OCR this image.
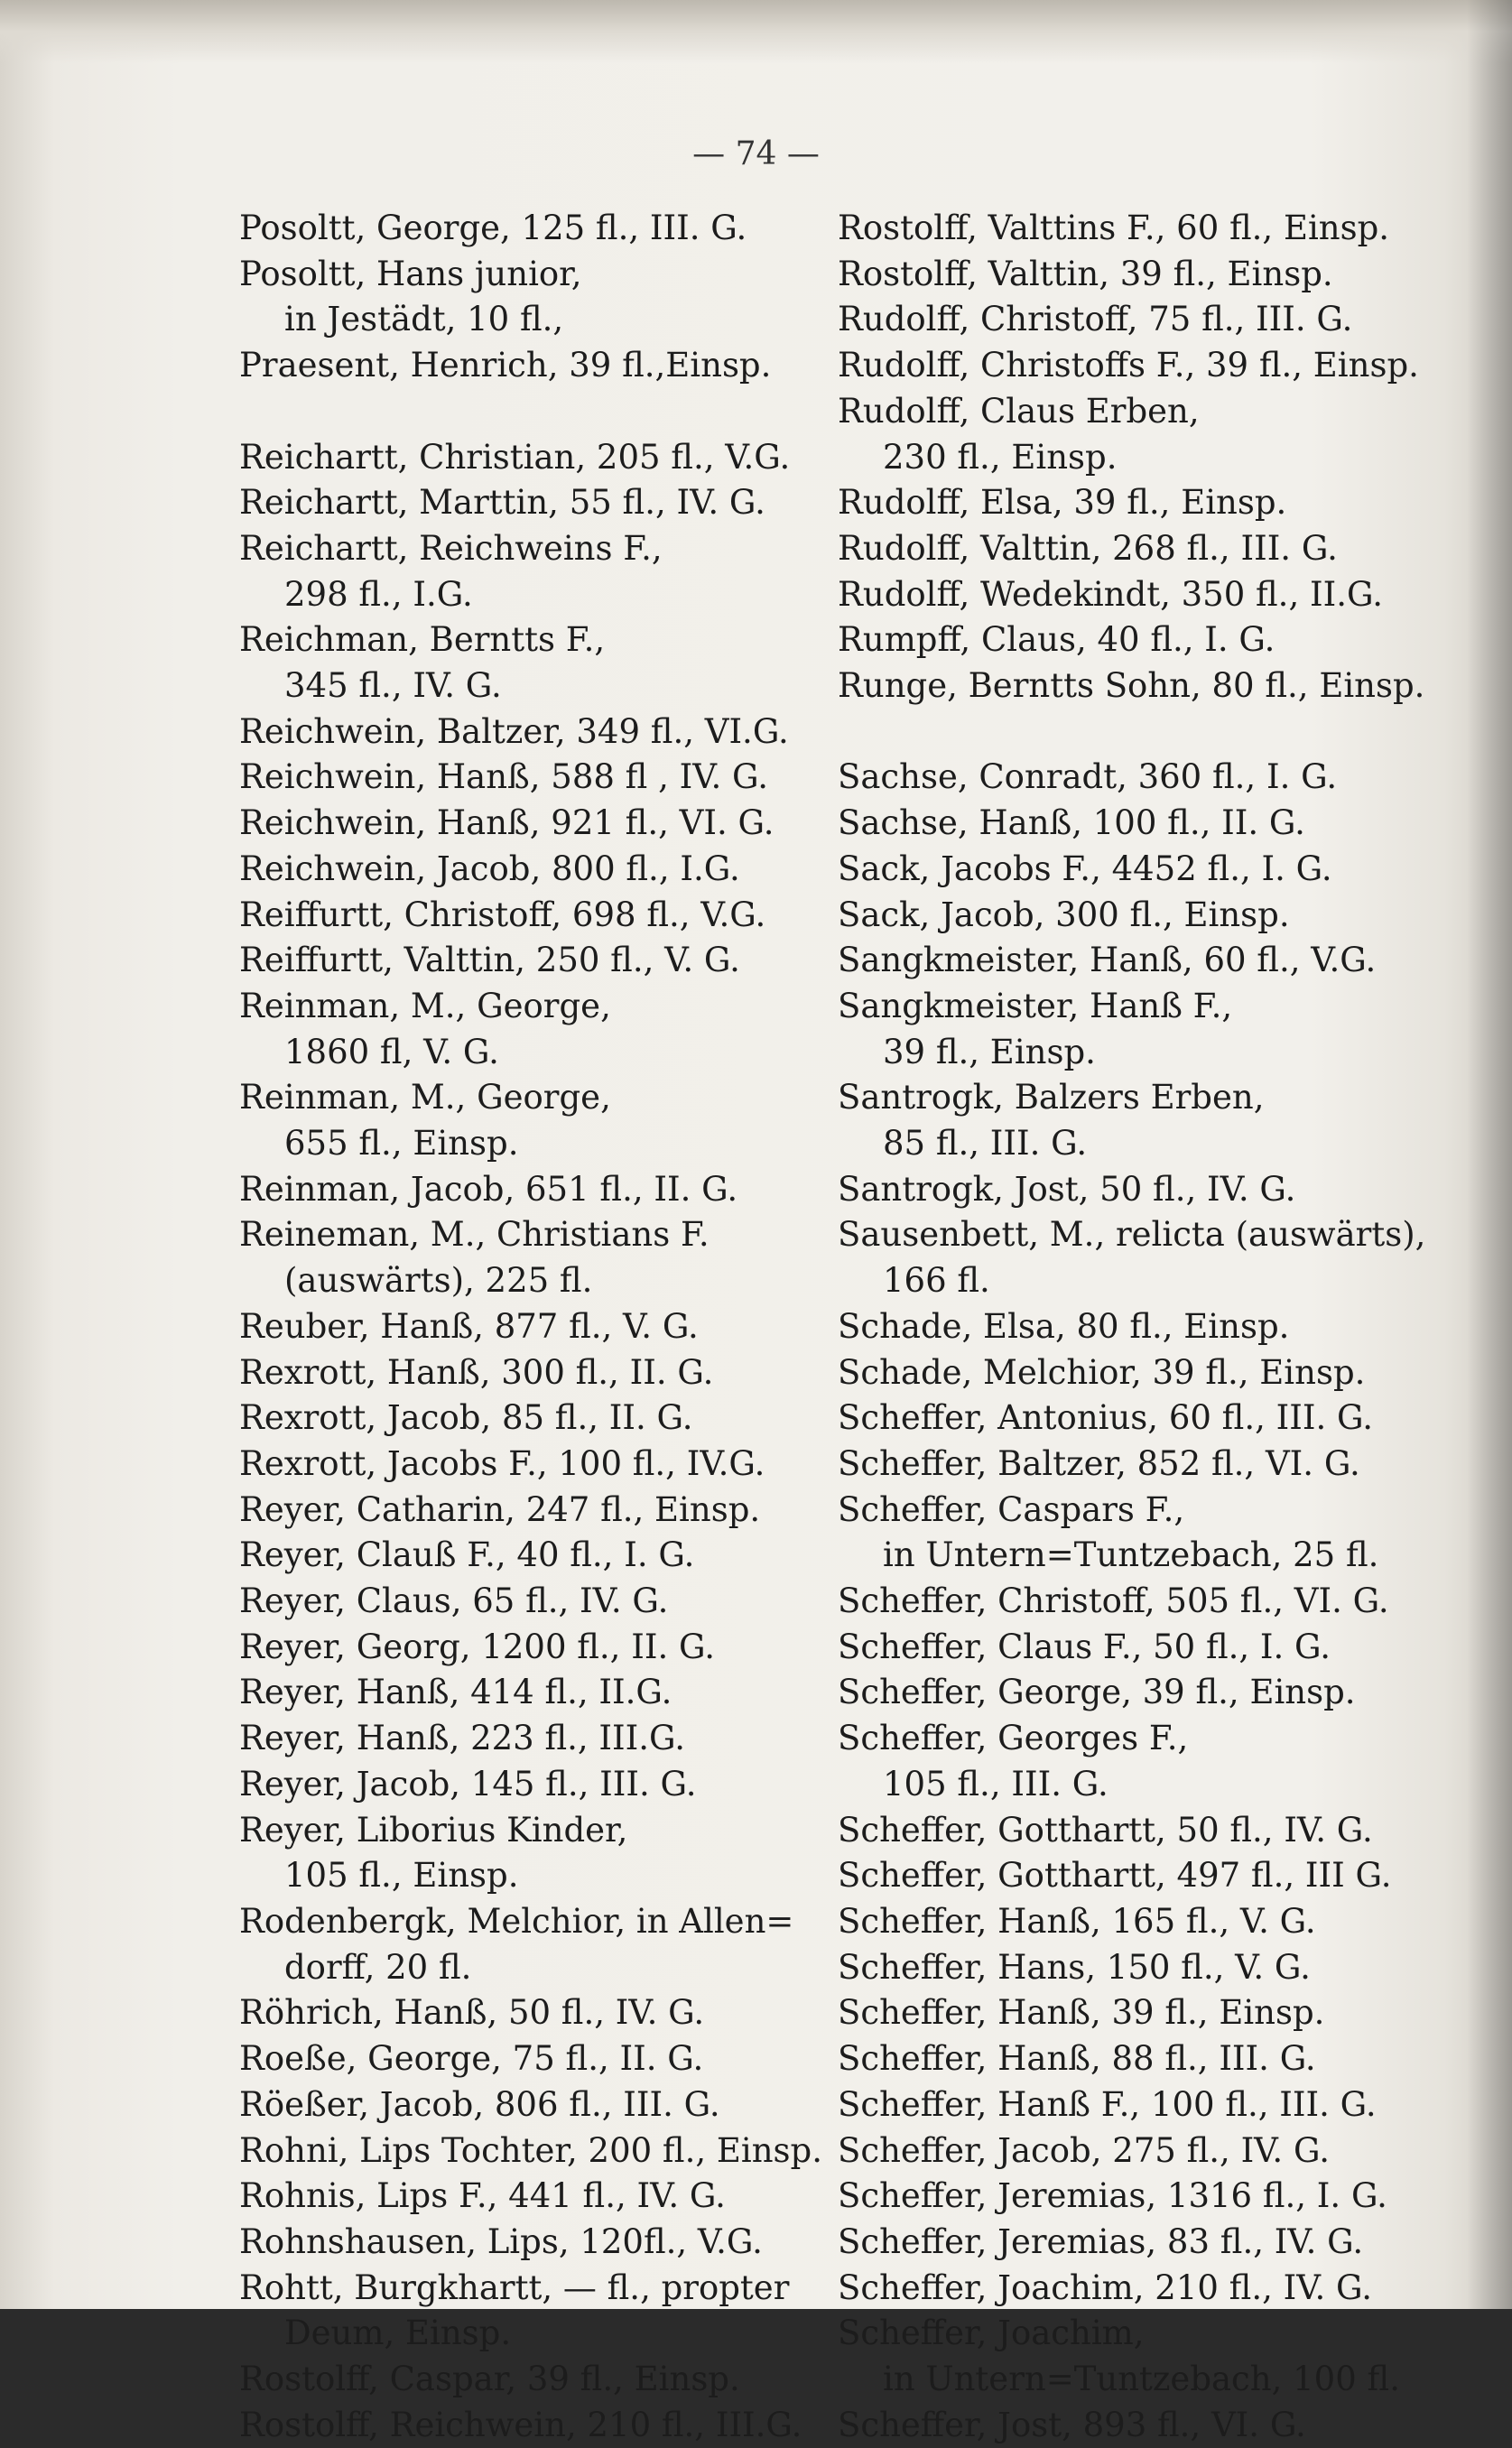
— 74 —
Posoltt, George, 125 fl., III. G.
Posoltt, Hans junior,
in Jestädt, 10 fl.,
Praesent, Henrich, 39 fl.,Einsp.
Reichartt, Christian, 205 fl., V.G.
Reichartt, Marttin, 55 fl., IV. G.
Reichartt, Reichweins F.,
298 fl., I.G.
Reichman, Berntts F.,
345 fl., IV. G.
Reichwein, Baltzer, 349 fl., VI.G.
Reichwein, Hanß, 588 fl , IV. G.
Reichwein, Hanß, 921 fl., VI. G.
Reichwein, Jacob, 800 fl., I.G.
Reiffurtt, Christoff, 698 fl., V.G.
Reiffurtt, Valttin, 250 fl., V. G.
Reinman, M., George,
1860 fl, V. G.
Reinman, M., George,
655 fl., Einsp.
Reinman, Jacob, 651 fl., II. G.
Reineman, M., Christians F.
(auswärts), 225 fl.
Reuber, Hanß, 877 fl., V. G.
Rexrott, Hanß, 300 fl., II. G.
Rexrott, Jacob, 85 fl., II. G.
Rexrott, Jacobs F., 100 fl., IV.G.
Reyer, Catharin, 247 fl., Einsp.
Reyer, Clauß F., 40 fl., I. G.
Reyer, Claus, 65 fl., IV. G.
Reyer, Georg, 1200 fl., II. G.
Reyer, Hanß, 414 fl., II.G.
Reyer, Hanß, 223 fl., III.G.
Reyer, Jacob, 145 fl., III. G.
Reyer, Liborius Kinder,
105 fl., Einsp.
Rodenbergk, Melchior, in Allen=
dorff, 20 fl.
Röhrich, Hanß, 50 fl., IV. G.
Roeße, George, 75 fl., II. G.
Röeßer, Jacob, 806 fl., III. G.
Rohni, Lips Tochter, 200 fl., Einsp.
Rohnis, Lips F., 441 fl., IV. G.
Rohnshausen, Lips, 120fl., V.G.
Rohtt, Burgkhartt, — fl., propter
Deum, Einsp.
Rostolff, Caspar, 39 fl., Einsp.
Rostolff, Reichwein, 210 fl., III.G.
Rostolff, Valttins F., 60 fl., Einsp.
Rostolff, Valttin, 39 fl., Einsp.
Rudolff, Christoff, 75 fl., III. G.
Rudolff, Christoffs F., 39 fl., Einsp.
Rudolff, Claus Erben,
230 fl., Einsp.
Rudolff, Elsa, 39 fl., Einsp.
Rudolff, Valttin, 268 fl., III. G.
Rudolff, Wedekindt, 350 fl., II.G.
Rumpff, Claus, 40 fl., I. G.
Runge, Berntts Sohn, 80 fl., Einsp.
Sachse, Conradt, 360 fl., I. G.
Sachse, Hanß, 100 fl., II. G.
Sack, Jacobs F., 4452 fl., I. G.
Sack, Jacob, 300 fl., Einsp.
Sangkmeister, Hanß, 60 fl., V.G.
Sangkmeister, Hanß F.,
39 fl., Einsp.
Santrogk, Balzers Erben,
85 fl., III. G.
Santrogk, Jost, 50 fl., IV. G.
Sausenbett, M., relicta (auswärts),
166 fl.
Schade, Elsa, 80 fl., Einsp.
Schade, Melchior, 39 fl., Einsp.
Scheffer, Antonius, 60 fl., III. G.
Scheffer, Baltzer, 852 fl., VI. G.
Scheffer, Caspars F.,
in Untern=Tuntzebach, 25 fl.
Scheffer, Christoff, 505 fl., VI. G.
Scheffer, Claus F., 50 fl., I. G.
Scheffer, George, 39 fl., Einsp.
Scheffer, Georges F.,
105 fl., III. G.
Scheffer, Gotthartt, 50 fl., IV. G.
Scheffer, Gotthartt, 497 fl., III G.
Scheffer, Hanß, 165 fl., V. G.
Scheffer, Hans, 150 fl., V. G.
Scheffer, Hanß, 39 fl., Einsp.
Scheffer, Hanß, 88 fl., III. G.
Scheffer, Hanß F., 100 fl., III. G.
Scheffer, Jacob, 275 fl., IV. G.
Scheffer, Jeremias, 1316 fl., I. G.
Scheffer, Jeremias, 83 fl., IV. G.
Scheffer, Joachim, 210 fl., IV. G.
Scheffer, Joachim,
in Untern=Tuntzebach, 100 fl.
Scheffer, Jost, 893 fl., VI. G.
